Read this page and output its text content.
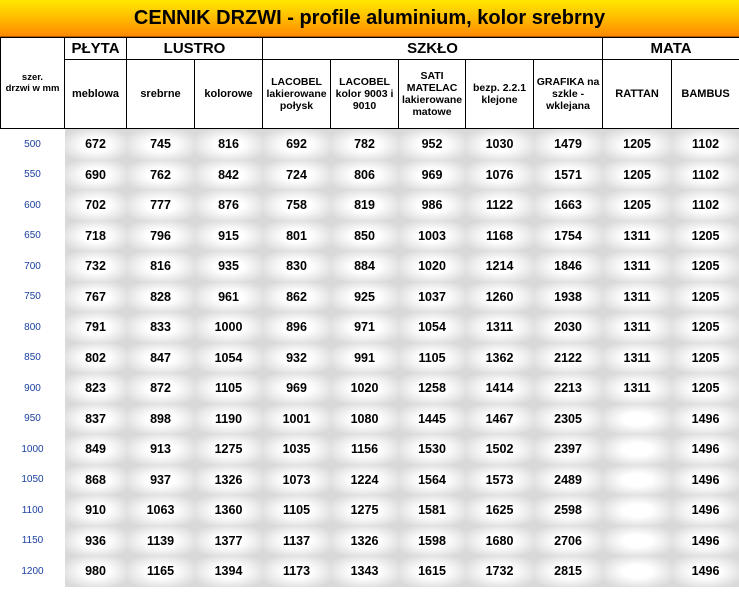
CENNIK DRZWI - profile aluminium, kolor srebrny
szer.
drzwi w mm	PŁYTA	LUSTRO		SZKŁO					MATA	
	meblowa	srebrne	kolorowe	LACOBEL lakierowane połysk	LACOBEL kolor 9003 i 9010	SATI MATELAC lakierowane matowe	bezp. 2.2.1 klejone	GRAFIKA na szkle - wklejana	RATTAN	BAMBUS
500	672	745	816	692	782	952	1030	1479	1205	1102
550	690	762	842	724	806	969	1076	1571	1205	1102
600	702	777	876	758	819	986	1122	1663	1205	1102
650	718	796	915	801	850	1003	1168	1754	1311	1205
700	732	816	935	830	884	1020	1214	1846	1311	1205
750	767	828	961	862	925	1037	1260	1938	1311	1205
800	791	833	1000	896	971	1054	1311	2030	1311	1205
850	802	847	1054	932	991	1105	1362	2122	1311	1205
900	823	872	1105	969	1020	1258	1414	2213	1311	1205
950	837	898	1190	1001	1080	1445	1467	2305		1496
1000	849	913	1275	1035	1156	1530	1502	2397		1496
1050	868	937	1326	1073	1224	1564	1573	2489		1496
1100	910	1063	1360	1105	1275	1581	1625	2598		1496
1150	936	1139	1377	1137	1326	1598	1680	2706		1496
1200	980	1165	1394	1173	1343	1615	1732	2815		1496
